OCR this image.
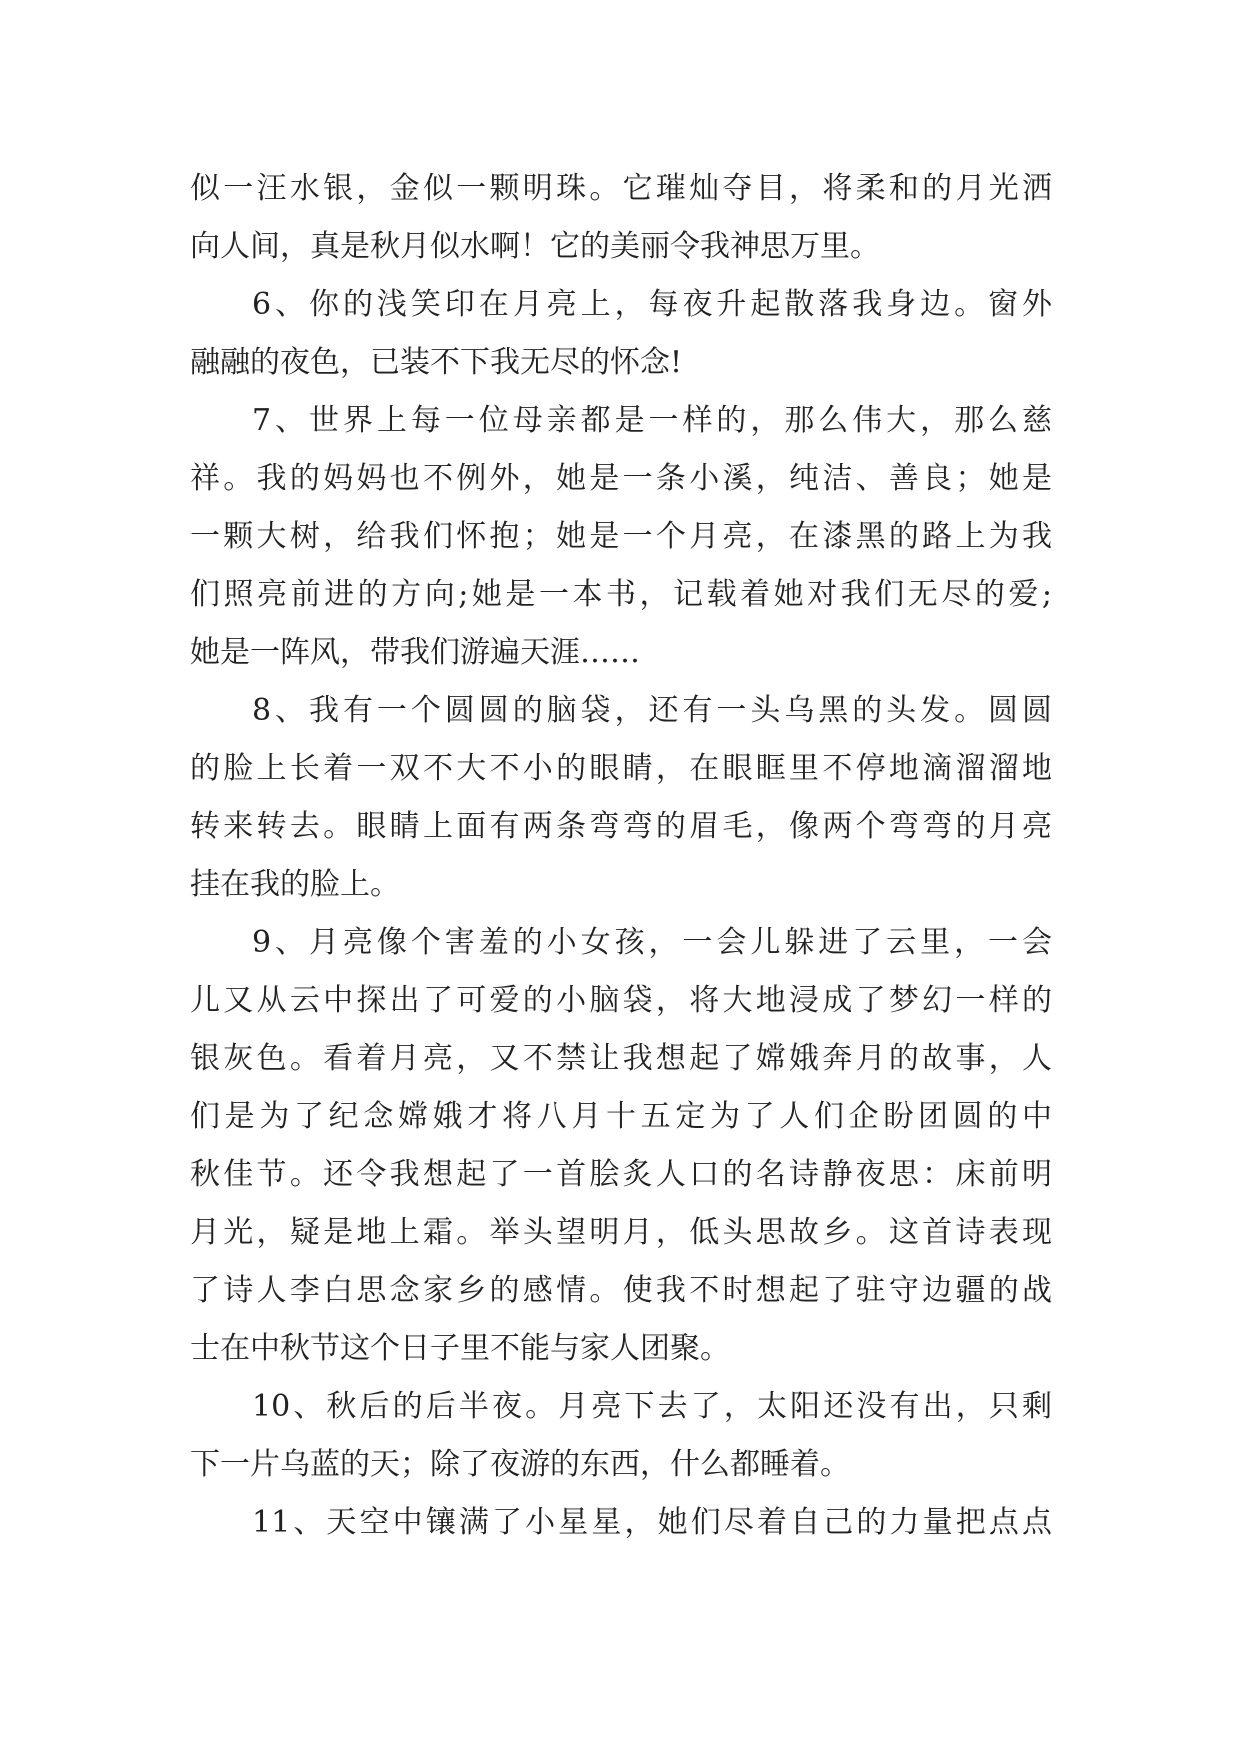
似一汪水银，金似一颗明珠。它璀灿夺目，将柔和的月光洒
向人间，真是秋月似水啊！它的美丽令我神思万里。
6、你的浅笑印在月亮上，每夜升起散落我身边。窗外
融融的夜色，已装不下我无尽的怀念!
7、世界上每一位母亲都是一样的，那么伟大，那么慈
祥。我的妈妈也不例外，她是一条小溪，纯洁、善良；她是
一颗大树，给我们怀抱；她是一个月亮，在漆黑的路上为我
们照亮前进的方向;她是一本书，记载着她对我们无尽的爱;
她是一阵风，带我们游遍天涯……
8、我有一个圆圆的脑袋，还有一头乌黑的头发。圆圆
的脸上长着一双不大不小的眼睛，在眼眶里不停地滴溜溜地
转来转去。眼睛上面有两条弯弯的眉毛，像两个弯弯的月亮
挂在我的脸上。
9、月亮像个害羞的小女孩，一会儿躲进了云里，一会
儿又从云中探出了可爱的小脑袋，将大地浸成了梦幻一样的
银灰色。看着月亮，又不禁让我想起了嫦娥奔月的故事，人
们是为了纪念嫦娥才将八月十五定为了人们企盼团圆的中
秋佳节。还令我想起了一首脍炙人口的名诗静夜思：床前明
月光，疑是地上霜。举头望明月，低头思故乡。这首诗表现
了诗人李白思念家乡的感情。使我不时想起了驻守边疆的战
士在中秋节这个日子里不能与家人团聚。
10、秋后的后半夜。月亮下去了，太阳还没有出，只剩
下一片乌蓝的天；除了夜游的东西，什么都睡着。
11、天空中镶满了小星星，她们尽着自己的力量把点点
